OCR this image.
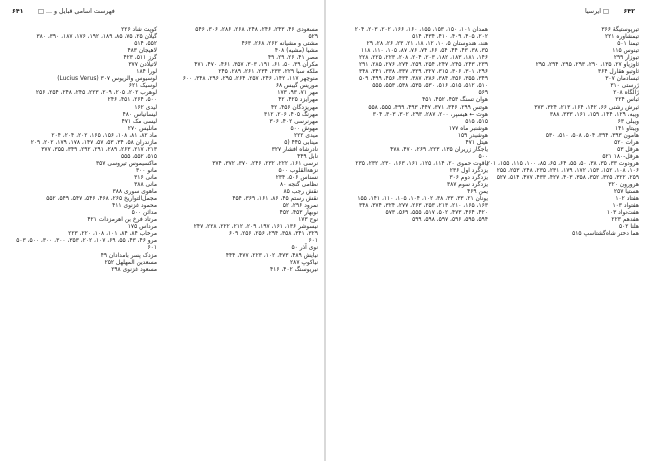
۶۴۲
□ ایرسیا
تیرپوستیگهٔ ۳۶۶
تیمشاوره ۲۲۱
تیمنا ۵۰۱
تینوس ۱۱۵
تیوزار ۲۹۹
ثاوزیاو ۲۷، ۱۳۵، ۲۹۰، ۲۹۳، ۲۹۵، ۲۹۴، ۲۹۵
ثاوتبو هقارل ۳۶۴
ثبسادمان ۳۰۷
ژرستی ۳۱۰
ژالگاه ۲۰۸
ثباس ۲۲۴
ثیرش رشتی ۶۶، ۱۴۲، ۱۶۴، ۲۱۳، ۳۲۴، ۳۷۳
ویبه، ۱۲۹، ۱۴۴، ۱۵۹، ۱۶۱، ۳۳۳، ۳۸۸
ویبلی ۶۳
ویبتاو ۱۴۱
هامون ۳۹۳، ۳۹۴، ۵۰۴، ۵۰۸، ۵۱۰، ۵۳۰
هرات ۵۲۰
هرقل ۵۳
هرقل-۱۸۰ ۵۲۱
هرودوت ۳۳، ۳۵، ۳۸، ۵۰، ۵۵، ۶۴، ۶۵، ۸۵، ۱۰۰، ۱۱۵، ۱۵۵، ۲۰۱
۱۰۶، ۱۰۸، ۱۵۲، ۱۵۳، ۱۷۲، ۱۷۹، ۲۳۱، ۲۳۵، ۲۴۸، ۲۵۳، ۲۵۵
۲۵۹، ۳۲۲، ۳۲۵، ۳۵۲، ۳۵۸، ۴۰۳، ۴۲۷، ۴۳۳، ۴۷۷، ۵۱۴، ۵۲۷
هرورون ۳۲۰
هستیا ۲۵۷
هفتاد ۱۰۲
هفتواد ۱۰۳
هفت‌نواد ۱۰۳
هفدهم ۲۲۳
هلنا ۵۰۲
هما دختر شاه‌گشتاسپ ۵۱۵
همدان ۱۰۱، ۱۵۰، ۱۵۳، ۱۵۵، ۱۶۰، ۱۶۶، ۲۰۲، ۲۰۳، ۲۰۴
۲۰۲، ۴۰۵، ۴۰۹، ۴۱۰، ۴۳۴، ۵۱۴
هند، هندوستان ۵، ۱۰، ۱۲، ۱۸، ۲۱، ۲۳، ۲۶، ۲۸، ۲۹
۳۵، ۳۸، ۴۳، ۴۴، ۵۴، ۶۶، ۷۴، ۷۶، ۸۷، ۱۰۵، ۱۱۰، ۱۱۸
۱۴۶، ۱۸۱، ۱۸۳، ۱۸۲، ۲۰۳، ۲۰۴، ۲۰۸، ۲۲۳، ۲۲۵، ۲۲۸
۲۳۹، ۲۴۳، ۲۴۵، ۲۴۷، ۲۵۴، ۲۵۹، ۲۷۴، ۲۷۶، ۲۸۵، ۲۹۱
۲۹۶، ۳۰۱، ۳۰۶، ۳۱۵، ۳۲۷، ۳۲۹، ۳۳۷، ۳۳۸، ۳۴۱، ۳۴۸
۳۴۹، ۳۵۵، ۳۵۶، ۳۸۴، ۳۸۶، ۳۸۷، ۴۳۴، ۴۵۶، ۴۹۹، ۵۰۹
۵۱۰، ۵۱۲، ۵۱۵، ۵۱۶، ۵۳۰، ۵۳۵، ۵۳۸، ۵۵۳، ۵۵۵
۵۶۹
هوان تسنگ ۴۵۳، ۴۵۲، ۴۵۱
هوتس ۲۹۹، ۳۴۶، ۳۷۱، ۴۴۷، ۴۹۳، ۴۹۹، ۵۵۵، ۵۵۸
هوث ← هیسپر، ۲۰۰، ۲۸۷، ۲۹۳، ۳۰۲، ۳۰۳، ۳۰۴
۵۱۵، ۵۱۵
هوشنبر ماه ۱۷۷
هوشیدر ۱۵۹
هیتل ۴۷۱
یاجگار زریران ۱۳۵، ۲۲۳، ۲۶۹، ۴۷۰، ۴۷۸
۵۰۰
یاقوت حموی ۲۰، ۱۱۴، ۱۲۵، ۱۶۱، ۱۶۳، ۲۳۰، ۲۳۲، ۲۳۵
یزدگرد اول ۲۳۶
یزدگرد دوم ۳۰۶
یزدگرد سوم ۳۸۷
یمن ۴۶۹
یونان ۲۱، ۳۳، ۳۳، ۳۸، ۱۰۲، ۱۰۴، ۱۰۵، ۱۱۰، ۱۴۱، ۱۵۵
۱۶۳، ۱۶۵، ۲۱۰، ۲۱۳، ۲۵۳، ۲۶۳، ۲۷۷، ۳۲۴، ۳۷۴، ۳۴۸
۴۲۰، ۴۶۴، ۴۷۳، ۵۰۲، ۵۱۷، ۵۵۵، ۵۶۹، ۵۷۳
۵۹۴، ۵۹۵، ۵۹۶، ۵۹۷، ۵۹۸، ۵۹۹
۶۴۱ فهرست اسامی قبایل و ... □
مسعودی ۴۶، ۲۴۳، ۲۴۶، ۲۴۸، ۲۶۸، ۲۸۶، ۳۰۶، ۵۴۶
۵۲۹
مشتی و مشیانه ۲۶۲، ۲۶۸، ۴۶۳
مشیا (مشیه) ۴۰۸
مصر ۴۱، ۲۶، ۲۹، ۴۹
مکران ۳۹، ۵۰، ۶۱، ۱۹۱، ۳۰۳، ۳۵۷، ۴۶۱، ۴۷۰، ۴۷۱
ملکه سبا ۲۲۹، ۲۳۳، ۲۳۴، ۲۶۱، ۲۸۹، ۲۴۵
منوچهر ۱۱۷، ۱۴۲، ۲۴۶، ۲۵۷، ۲۶۴، ۲۹۵، ۲۹۶، ۳۴۸، ۶۰۰
موریس گیبس ۶۸
مهر ۷۱، ۹۳، ۱۷۳
مهرایزد ۴۲۵، ۴۲
مهریزدگان ۴۵۶، ۴۲
مهرنگ ۴۰۵، ۲۰۶، ۳۱۲
مهرنرسی ۴۰۲، ۳۰۶
مهوش ۵۰۰
میدی ۲۲۲
مینابی ۴۴۵ (۵
نادرشاه افشار ۳۲۷
نابل ۴۴۹
نرسی ۱۶۱، ۲۲۲، ۲۳۲، ۲۴۶، ۳۷۰، ۳۷۲، ۳۷۴
نزهة‌القلوب ۵۰۰
نسناس ۵۰۶، ۲۳۴
نظامی گنجه ۸۰
نقش رجب ۸۵
نقش رستم ۴۵، ۸۶، ۱۶۱، ۳۶۹، ۴۵۴
نمرود ۲۹۶، ۵۲
نوبهار ۴۵۳، ۴۵۲
نوح ۱۷۳
نیسوشر ۱۳۶، ۱۶۱، ۱۹۷، ۲۰۹، ۲۱۲، ۲۲۲، ۲۲۸، ۲۴۷
۳۲۹، ۳۴۱، ۳۵۸، ۲۹۴، ۲۵۶، ۲۵۶، ۶۰۹
۶۰۱
نوی آذر ۵۰
نیایش ۴۸۹، ۴۷۳، ۱۰۲، ۲۲۳، ۴۷۷، ۴۴۴
نیاکوپ ۲۸۷
نیریوسنگ ۴۰۲، ۴۱۶
کوپت شاد ۲۲۶
گیلان ۲۵، ۷۵، ۸۵، ۱۸۹، ۱۹۲، ۱۷۶، ۱۸۷، ۳۹۰، ۳۸۰
۵۵۲، ۵۱۴
لاهیجان ۴۸۳
گرز ۵۱۱، ۴۲۳
لاتیلادن ۳۷۷
لورا ۱۸۴
لوسیوس والریوس ۳۰۷ (Lucius Verus)
لوسیک ۶۲۱
لوهرب ۲۰۲، ۲۰۵، ۲۰۹، ۲۲۳، ۲۴۵، ۲۴۸، ۲۵۴، ۲۵۶
۵۰۰، ۲۶۴، ۴۵۱، ۲۴۶
لیدی ۱۶۲
لیسانیاس ۴۸۰
لیسی مک ۴۷۱
مانلیس ۲۷۰
ماد ۸۲، ۸۱، ۱۰۸، ۱۵۶، ۱۶۵، ۲۰۲، ۲۰۴، ۲۰۴
ماز‌ندران ۵۸، ۳۴، ۵۳، ۵۷، ۱۴۷، ۱۷۸، ۱۷۹، ۲۰۲، ۲۰۹
۲۱۳، ۲۱۷، ۲۶۳، ۲۸۹، ۲۹۱، ۲۹۲، ۳۴۹، ۳۵۵، ۳۷۷
۵۱۵، ۵۵۲، ۵۵۵
ماکسیموس تیروسی ۳۵۷
مانو ۳۰۰
مانی ۳۱۶
مانی ۳۸۸
ماهوی سوری ۳۸۸
مجمل‌التواریخ ۲۶۵، ۴۶۸، ۵۴۶، ۵۴۷، ۵۴۹، ۵۵۲
محمود غزنوی ۴۱۱
مدائن ۵۰۰
مرتاد فرخ بن اهرمزدات ۴۲۱
مرداس ۱۷۵
مرخاب ۸۴، ۸۴، ۱۰۱، ۱۰۸، ۲۲۰، ۲۲۳
مرو ۴۶، ۴۳، ۵۵، ۶۹، ۱۰۷، ۲۰۲، ۳۵۳، ۳۰۰، ۳۰۰، ۵۰۰، ۵۰۳
۶۰۱
مزدک پسر بامدادان ۴۹
مسعدین المهلهل ۲۵۲
مسعود غزنوی ۲۹۸
